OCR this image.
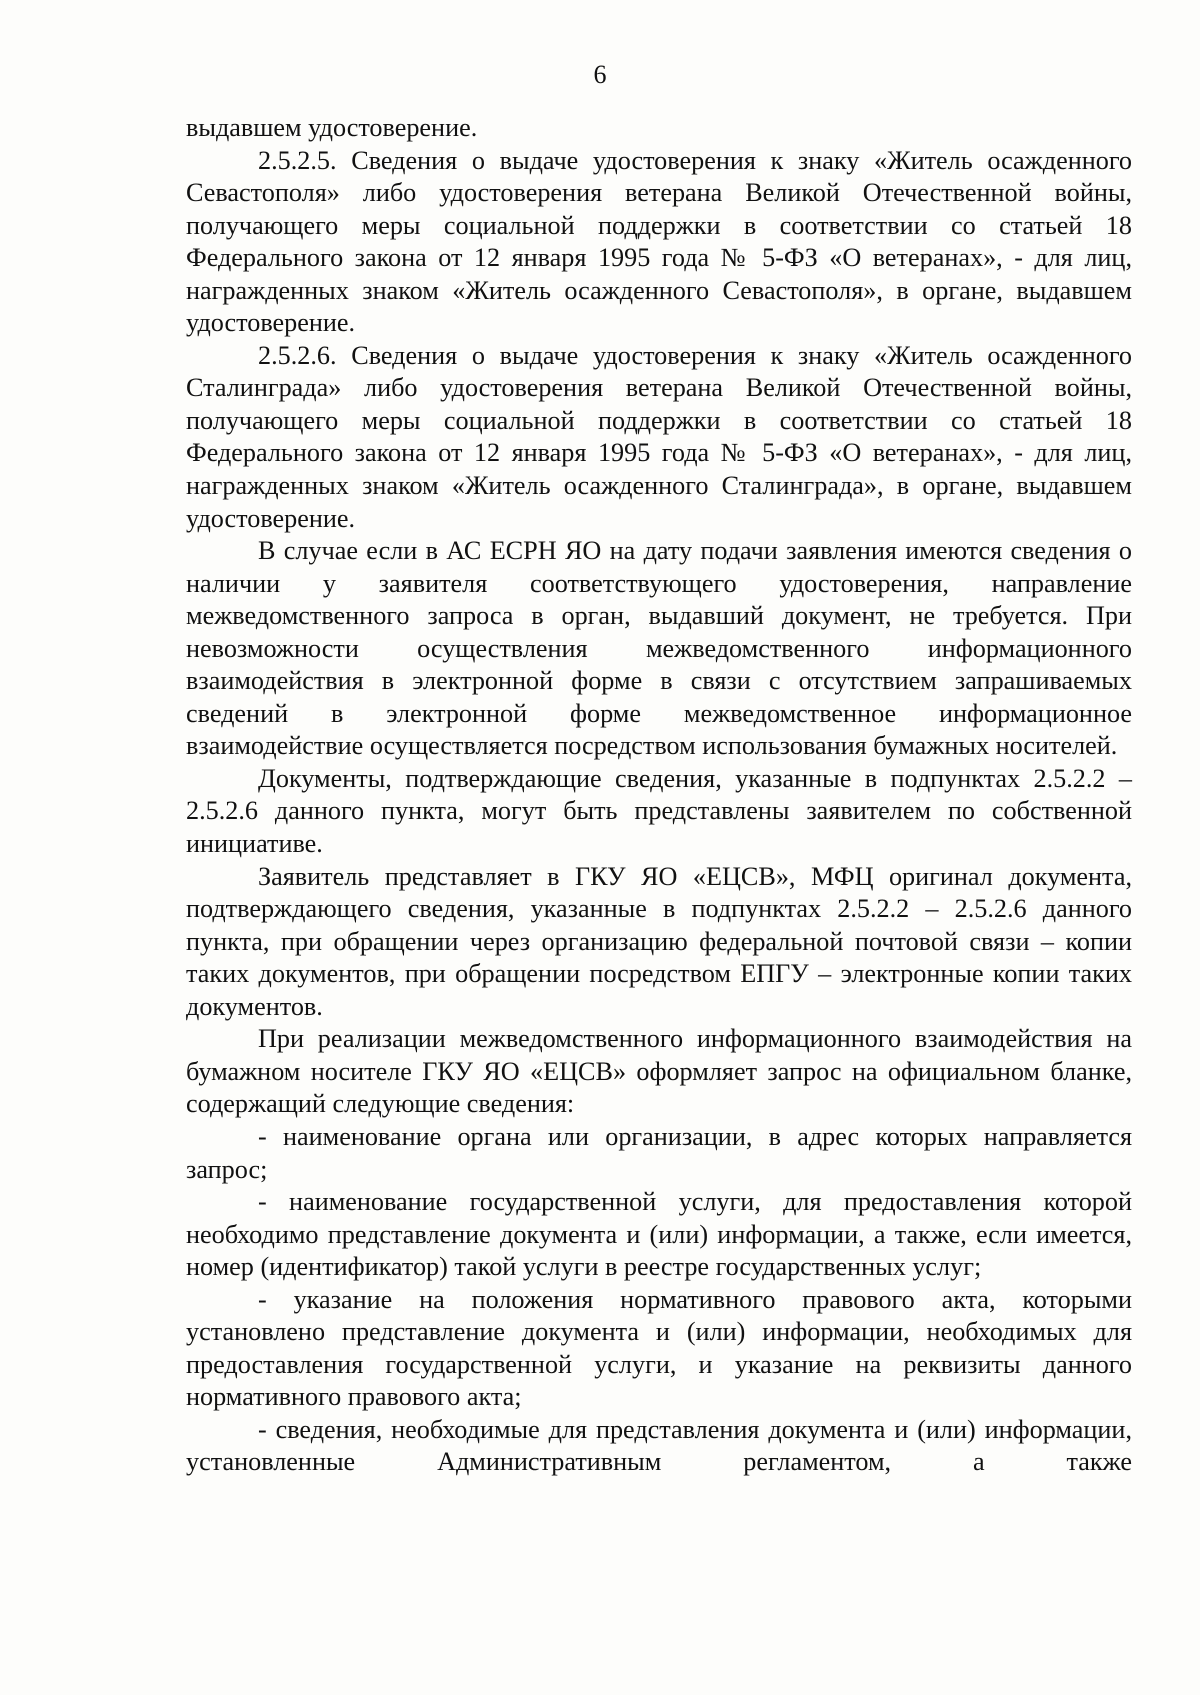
6

выдавшем удостоверение.

2.5.2.5. Сведения о выдаче удостоверения к знаку «Житель осажденного Севастополя» либо удостоверения ветерана Великой Отечественной войны, получающего меры социальной поддержки в соответствии со статьей 18 Федерального закона от 12 января 1995 года № 5-ФЗ «О ветеранах», - для лиц, награжденных знаком «Житель осажденного Севастополя», в органе, выдавшем удостоверение.

2.5.2.6. Сведения о выдаче удостоверения к знаку «Житель осажденного Сталинграда» либо удостоверения ветерана Великой Отечественной войны, получающего меры социальной поддержки в соответствии со статьей 18 Федерального закона от 12 января 1995 года № 5-ФЗ «О ветеранах», - для лиц, награжденных знаком «Житель осажденного Сталинграда», в органе, выдавшем удостоверение.

В случае если в АС ЕСРН ЯО на дату подачи заявления имеются сведения о наличии у заявителя соответствующего удостоверения, направление межведомственного запроса в орган, выдавший документ, не требуется. При невозможности осуществления межведомственного информационного взаимодействия в электронной форме в связи с отсутствием запрашиваемых сведений в электронной форме межведомственное информационное взаимодействие осуществляется посредством использования бумажных носителей.

Документы, подтверждающие сведения, указанные в подпунктах 2.5.2.2 – 2.5.2.6 данного пункта, могут быть представлены заявителем по собственной инициативе.

Заявитель представляет в ГКУ ЯО «ЕЦСВ», МФЦ оригинал документа, подтверждающего сведения, указанные в подпунктах 2.5.2.2 – 2.5.2.6 данного пункта, при обращении через организацию федеральной почтовой связи – копии таких документов, при обращении посредством ЕПГУ – электронные копии таких документов.

При реализации межведомственного информационного взаимодействия на бумажном носителе ГКУ ЯО «ЕЦСВ» оформляет запрос на официальном бланке, содержащий следующие сведения:

- наименование органа или организации, в адрес которых направляется запрос;

- наименование государственной услуги, для предоставления которой необходимо представление документа и (или) информации, а также, если имеется, номер (идентификатор) такой услуги в реестре государственных услуг;

- указание на положения нормативного правового акта, которыми установлено представление документа и (или) информации, необходимых для предоставления государственной услуги, и указание на реквизиты данного нормативного правового акта;

- сведения, необходимые для представления документа и (или) информации, установленные Административным регламентом, а также
